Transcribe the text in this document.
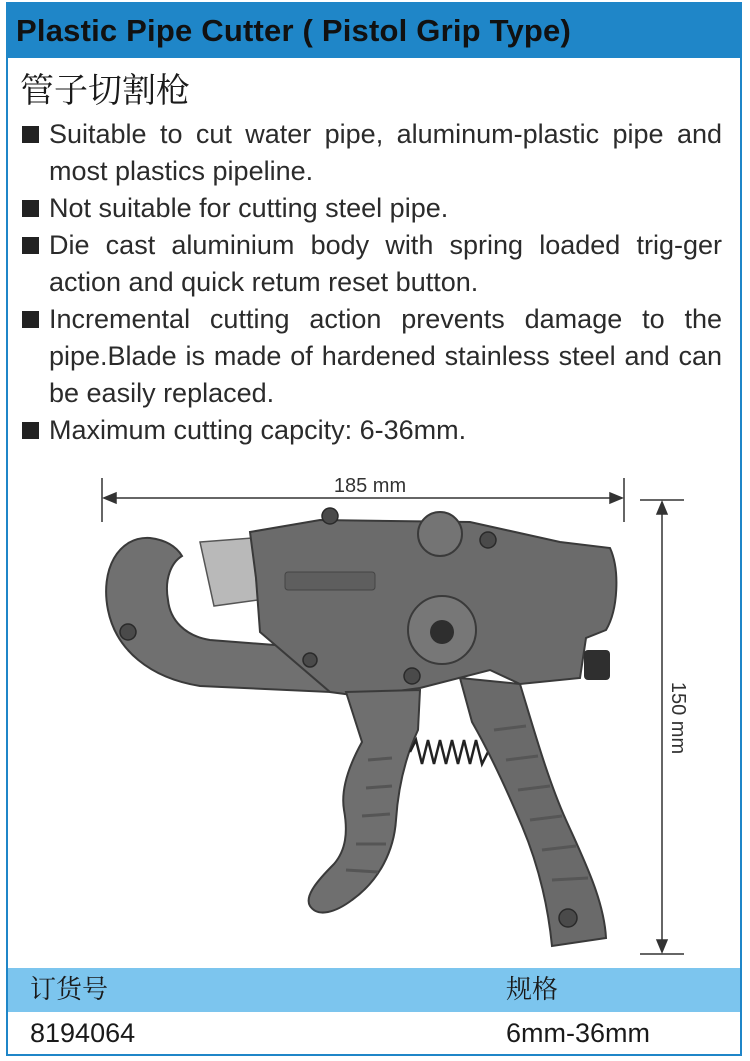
Plastic Pipe Cutter ( Pistol Grip Type)
管子切割枪
Suitable to cut water pipe, aluminum-plastic pipe and most plastics pipeline.
Not suitable for cutting steel pipe.
Die cast aluminium body with spring loaded trig-ger action and quick retum reset button.
Incremental cutting action prevents damage to the pipe.Blade is made of hardened stainless steel and can be easily replaced.
Maximum cutting capcity: 6-36mm.
185 mm
150 mm
订货号	规格
8194064	6mm-36mm
